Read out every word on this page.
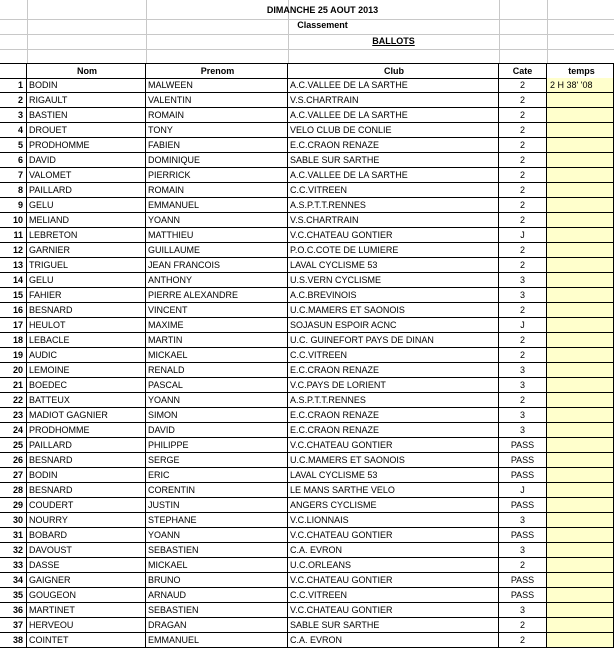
DIMANCHE 25 AOUT 2013
Classement
BALLOTS
Nom	Prenom	Club	Cate	temps
1 BODIN	MALWEEN	A.C.VALLEE DE LA SARTHE	2	2 H 38' '08
2 RIGAULT	VALENTIN	V.S.CHARTRAIN	2
3 BASTIEN	ROMAIN	A.C.VALLEE DE LA SARTHE	2
4 DROUET	TONY	VELO CLUB DE CONLIE	2
5 PRODHOMME	FABIEN	E.C.CRAON RENAZE	2
6 DAVID	DOMINIQUE	SABLE SUR SARTHE	2
7 VALOMET	PIERRICK	A.C.VALLEE DE LA SARTHE	2
8 PAILLARD	ROMAIN	C.C.VITREEN	2
9 GELU	EMMANUEL	A.S.P.T.T.RENNES	2
10 MELIAND	YOANN	V.S.CHARTRAIN	2
11 LEBRETON	MATTHIEU	V.C.CHATEAU GONTIER	J
12 GARNIER	GUILLAUME	P.O.C.COTE DE LUMIERE	2
13 TRIGUEL	JEAN FRANCOIS	LAVAL CYCLISME 53	2
14 GELU	ANTHONY	U.S.VERN CYCLISME	3
15 FAHIER	PIERRE ALEXANDRE	A.C.BREVINOIS	3
16 BESNARD	VINCENT	U.C.MAMERS ET SAONOIS	2
17 HEULOT	MAXIME	SOJASUN ESPOIR ACNC	J
18 LEBACLE	MARTIN	U.C. GUINEFORT PAYS DE DINAN	2
19 AUDIC	MICKAEL	C.C.VITREEN	2
20 LEMOINE	RENALD	E.C.CRAON RENAZE	3
21 BOEDEC	PASCAL	V.C.PAYS DE LORIENT	3
22 BATTEUX	YOANN	A.S.P.T.T.RENNES	2
23 MADIOT GAGNIER	SIMON	E.C.CRAON RENAZE	3
24 PRODHOMME	DAVID	E.C.CRAON RENAZE	3
25 PAILLARD	PHILIPPE	V.C.CHATEAU GONTIER	PASS
26 BESNARD	SERGE	U.C.MAMERS ET SAONOIS	PASS
27 BODIN	ERIC	LAVAL CYCLISME 53	PASS
28 BESNARD	CORENTIN	LE MANS SARTHE VELO	J
29 COUDERT	JUSTIN	ANGERS CYCLISME	PASS
30 NOURRY	STEPHANE	V.C.LIONNAIS	3
31 BOBARD	YOANN	V.C.CHATEAU GONTIER	PASS
32 DAVOUST	SEBASTIEN	C.A. EVRON	3
33 DASSE	MICKAEL	U.C.ORLEANS	2
34 GAIGNER	BRUNO	V.C.CHATEAU GONTIER	PASS
35 GOUGEON	ARNAUD	C.C.VITREEN	PASS
36 MARTINET	SEBASTIEN	V.C.CHATEAU GONTIER	3
37 HERVEOU	DRAGAN	SABLE SUR SARTHE	2
38 COINTET	EMMANUEL	C.A. EVRON	2
